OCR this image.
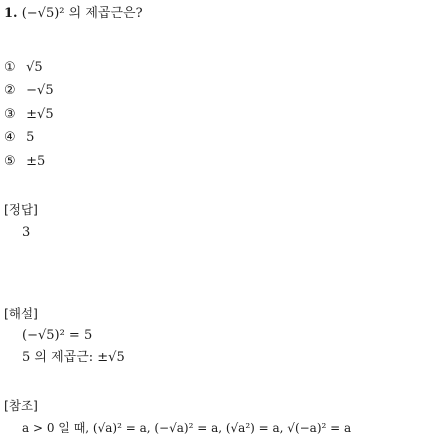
1. (−√5)² 의 제곱근은?
① √5
② −√5
③ ±√5
④ 5
⑤ ±5
[정답]
3
[해설]
(−√5)² = 5
5 의 제곱근: ±√5
[참조]
a > 0 일 때, (√a)² = a, (−√a)² = a, (√a²) = a, √(−a)² = a
